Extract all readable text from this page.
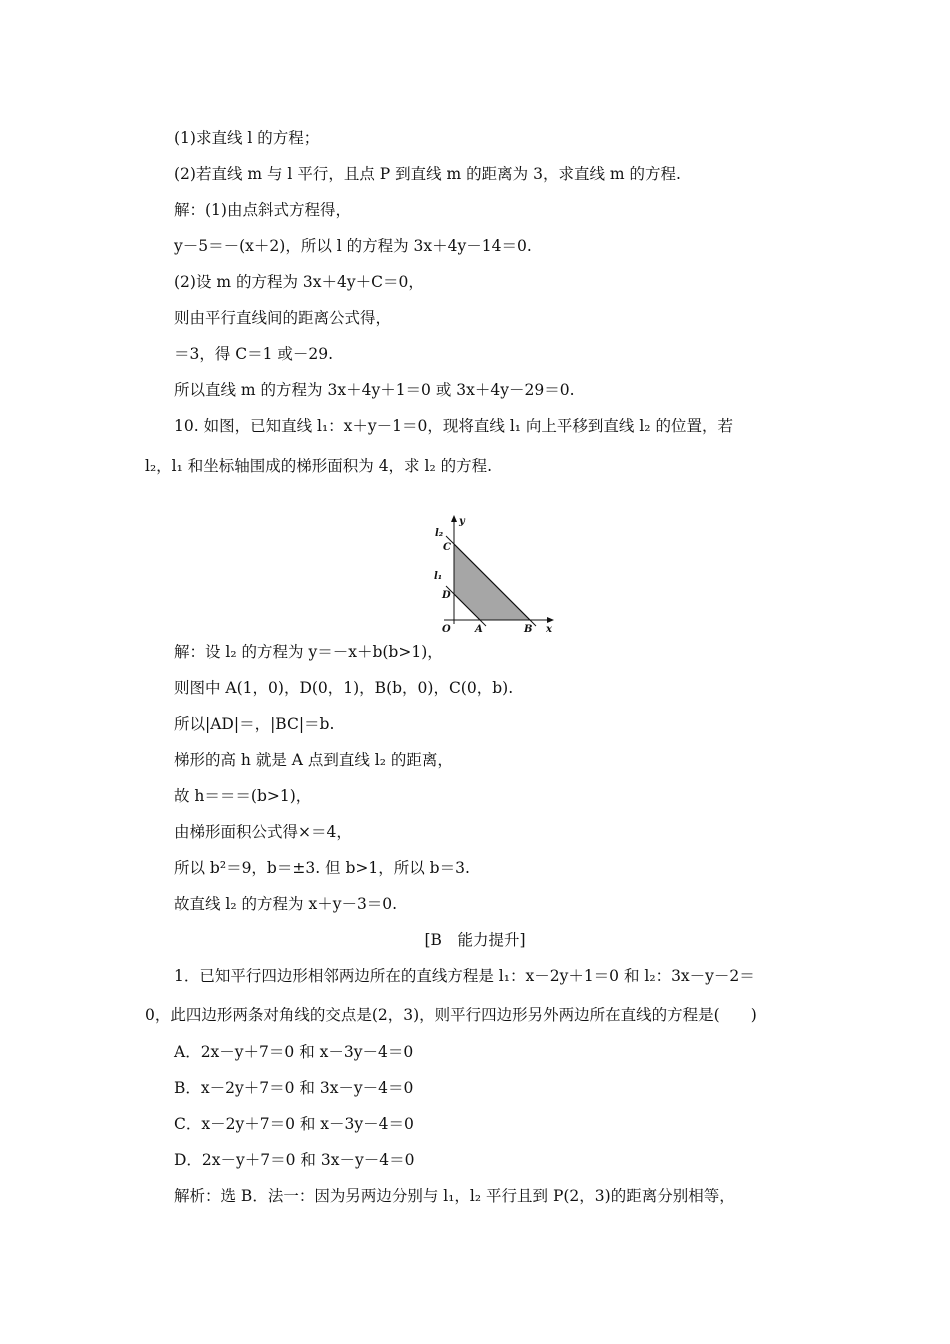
(1)求直线 l 的方程；
(2)若直线 m 与 l 平行，且点 P 到直线 m 的距离为 3，求直线 m 的方程.
解：(1)由点斜式方程得，
y－5＝－(x＋2)，所以 l 的方程为 3x＋4y－14＝0.
(2)设 m 的方程为 3x＋4y＋C＝0，
则由平行直线间的距离公式得，
＝3，得 C＝1 或－29.
所以直线 m 的方程为 3x＋4y＋1＝0 或 3x＋4y－29＝0.
10. 如图，已知直线 l₁：x＋y－1＝0，现将直线 l₁ 向上平移到直线 l₂ 的位置，若
l₂，l₁ 和坐标轴围成的梯形面积为 4，求 l₂ 的方程.
y
x
O A	B
C
D
l₁
l₂
解：设 l₂ 的方程为 y＝－x＋b(b>1)，
则图中 A(1，0)，D(0，1)，B(b，0)，C(0，b).
所以|AD|＝，|BC|＝b.
梯形的高 h 就是 A 点到直线 l₂ 的距离，
故 h＝＝＝(b>1)，
由梯形面积公式得×＝4，
所以 b²＝9，b＝±3. 但 b>1，所以 b＝3.
故直线 l₂ 的方程为 x＋y－3＝0.
[B　能力提升]
1．已知平行四边形相邻两边所在的直线方程是 l₁：x－2y＋1＝0 和 l₂：3x－y－2＝
0，此四边形两条对角线的交点是(2，3)，则平行四边形另外两边所在直线的方程是(　　)
A．2x－y＋7＝0 和 x－3y－4＝0
B．x－2y＋7＝0 和 3x－y－4＝0
C．x－2y＋7＝0 和 x－3y－4＝0
D．2x－y＋7＝0 和 3x－y－4＝0
解析：选 B．法一：因为另两边分别与 l₁，l₂ 平行且到 P(2，3)的距离分别相等，
